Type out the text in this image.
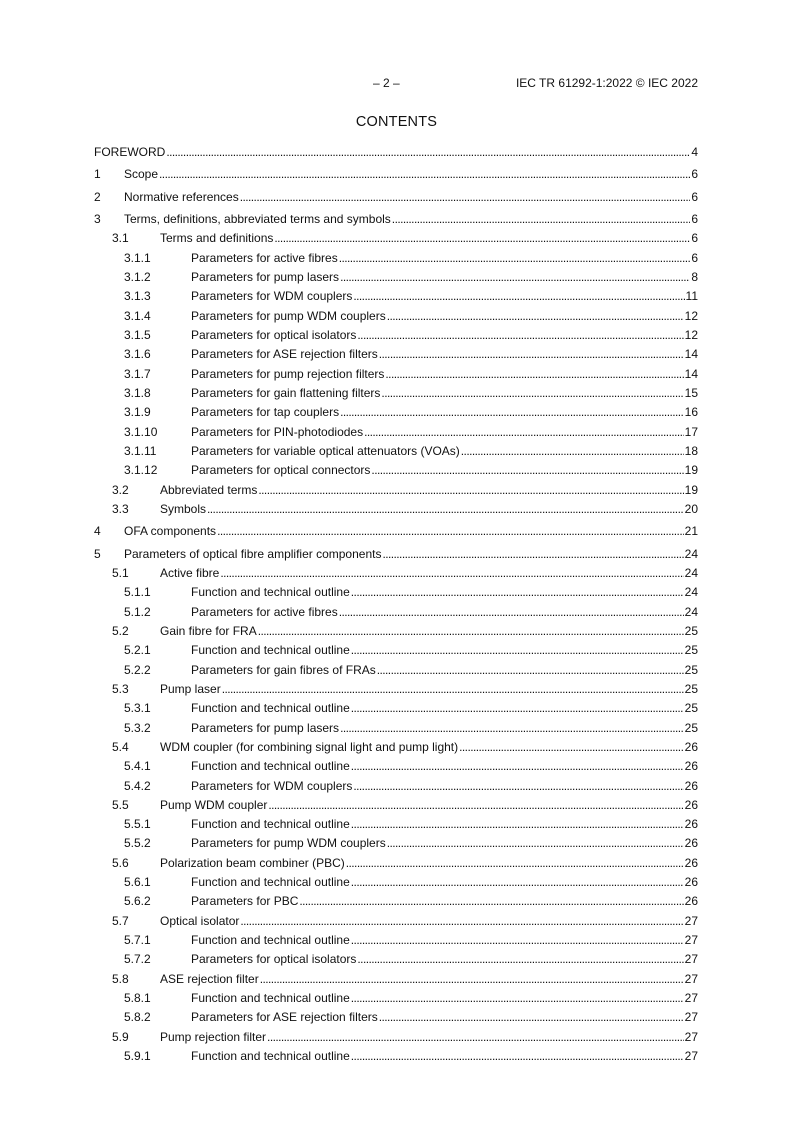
– 2 –	IEC TR 61292-1:2022 © IEC 2022
CONTENTS
FOREWORD . . .	4
1 Scope . . .	6
2 Normative references . . .	6
3 Terms, definitions, abbreviated terms and symbols . . .	6
3.1	Terms and definitions . . .	6
3.1.1	Parameters for active fibres . . .	6
3.1.2	Parameters for pump lasers . . .	8
3.1.3	Parameters for WDM couplers . . .	11
3.1.4	Parameters for pump WDM couplers . . .	12
3.1.5	Parameters for optical isolators . . .	12
3.1.6	Parameters for ASE rejection filters . . .	14
3.1.7	Parameters for pump rejection filters . . .	14
3.1.8	Parameters for gain flattening filters . . .	15
3.1.9	Parameters for tap couplers . . .	16
3.1.10	Parameters for PIN-photodiodes . . .	17
3.1.11	Parameters for variable optical attenuators (VOAs) . . .	18
3.1.12	Parameters for optical connectors . . .	19
3.2	Abbreviated terms . . .	19
3.3	Symbols . . .	20
4 OFA components . . .	21
5 Parameters of optical fibre amplifier components . . .	24
5.1	Active fibre . . .	24
5.1.1	Function and technical outline . . .	24
5.1.2	Parameters for active fibres . . .	24
5.2	Gain fibre for FRA . . .	25
5.2.1	Function and technical outline . . .	25
5.2.2	Parameters for gain fibres of FRAs . . .	25
5.3	Pump laser . . .	25
5.3.1	Function and technical outline . . .	25
5.3.2	Parameters for pump lasers . . .	25
5.4	WDM coupler (for combining signal light and pump light) . . .	26
5.4.1	Function and technical outline . . .	26
5.4.2	Parameters for WDM couplers . . .	26
5.5	Pump WDM coupler . . .	26
5.5.1	Function and technical outline . . .	26
5.5.2	Parameters for pump WDM couplers . . .	26
5.6	Polarization beam combiner (PBC) . . .	26
5.6.1	Function and technical outline . . .	26
5.6.2	Parameters for PBC . . .	26
5.7	Optical isolator . . .	27
5.7.1	Function and technical outline . . .	27
5.7.2	Parameters for optical isolators . . .	27
5.8	ASE rejection filter . . .	27
5.8.1	Function and technical outline . . .	27
5.8.2	Parameters for ASE rejection filters . . .	27
5.9	Pump rejection filter . . .	27
5.9.1	Function and technical outline . . .	27
